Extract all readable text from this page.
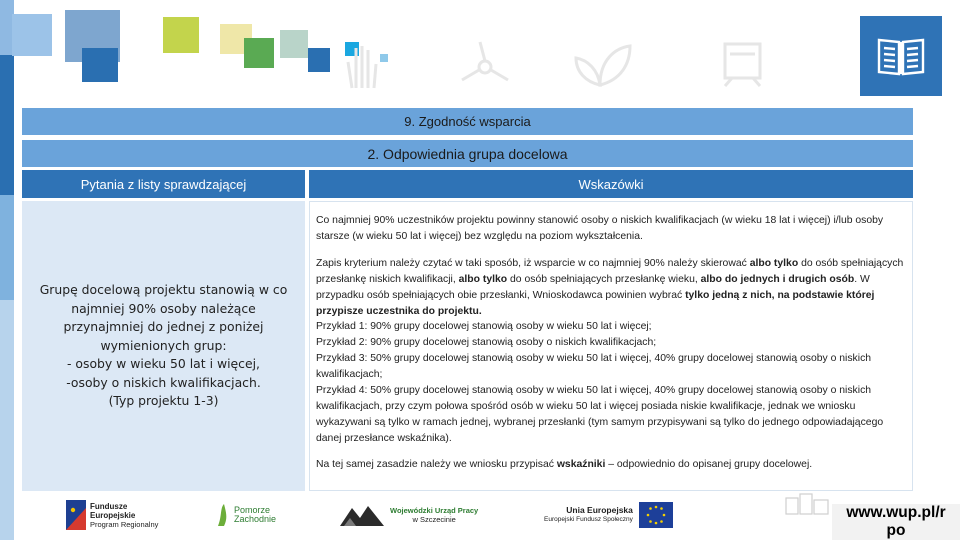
9. Zgodność wsparcia
2. Odpowiednia grupa docelowa
Pytania z listy sprawdzającej	Wskazówki

Grupę docelową projektu stanowią w co najmniej 90% osoby należące przynajmniej do jednej z poniżej wymienionych grup:
- osoby w wieku 50 lat i więcej,
-osoby o niskich kwalifikacjach.
(Typ projektu 1-3)

Co najmniej 90% uczestników projektu powinny stanowić osoby o niskich kwalifikacjach (w wieku 18 lat i więcej) i/lub osoby starsze (w wieku 50 lat i więcej) bez względu na poziom wykształcenia.

Zapis kryterium należy czytać w taki sposób, iż wsparcie w co najmniej 90% należy skierować albo tylko do osób spełniających przesłankę niskich kwalifikacji, albo tylko do osób spełniających przesłankę wieku, albo do jednych i drugich osób. W przypadku osób spełniających obie przesłanki, Wnioskodawca powinien wybrać tylko jedną z nich, na podstawie której przypisze uczestnika do projektu.

Przykład 1: 90% grupy docelowej stanowią osoby w wieku 50 lat i więcej;

Przykład 2: 90% grupy docelowej stanowią osoby o niskich kwalifikacjach;

Przykład 3: 50% grupy docelowej stanowią osoby w wieku 50 lat i więcej, 40% grupy docelowej stanowią osoby o niskich kwalifikacjach;

Przykład 4: 50% grupy docelowej stanowią osoby w wieku 50 lat i więcej, 40% grupy docelowej stanowią osoby o niskich kwalifikacjach, przy czym połowa spośród osób w wieku 50 lat i więcej posiada niskie kwalifikacje, jednak we wniosku wykazywani są tylko w ramach jednej, wybranej przesłanki (tym samym przypisywani są tylko do jednego odpowiadającego danej przesłance wskaźnika).

Na tej samej zasadzie należy we wniosku przypisać wskaźniki – odpowiednio do opisanej grupy docelowej.

Fundusze
Europejskie
Program Regionalny
Pomorze
Zachodnie
Wojewódzki Urząd Pracy
w Szczecinie
Unia Europejska
Europejski Fundusz Społeczny	www.wup.pl/r
po
